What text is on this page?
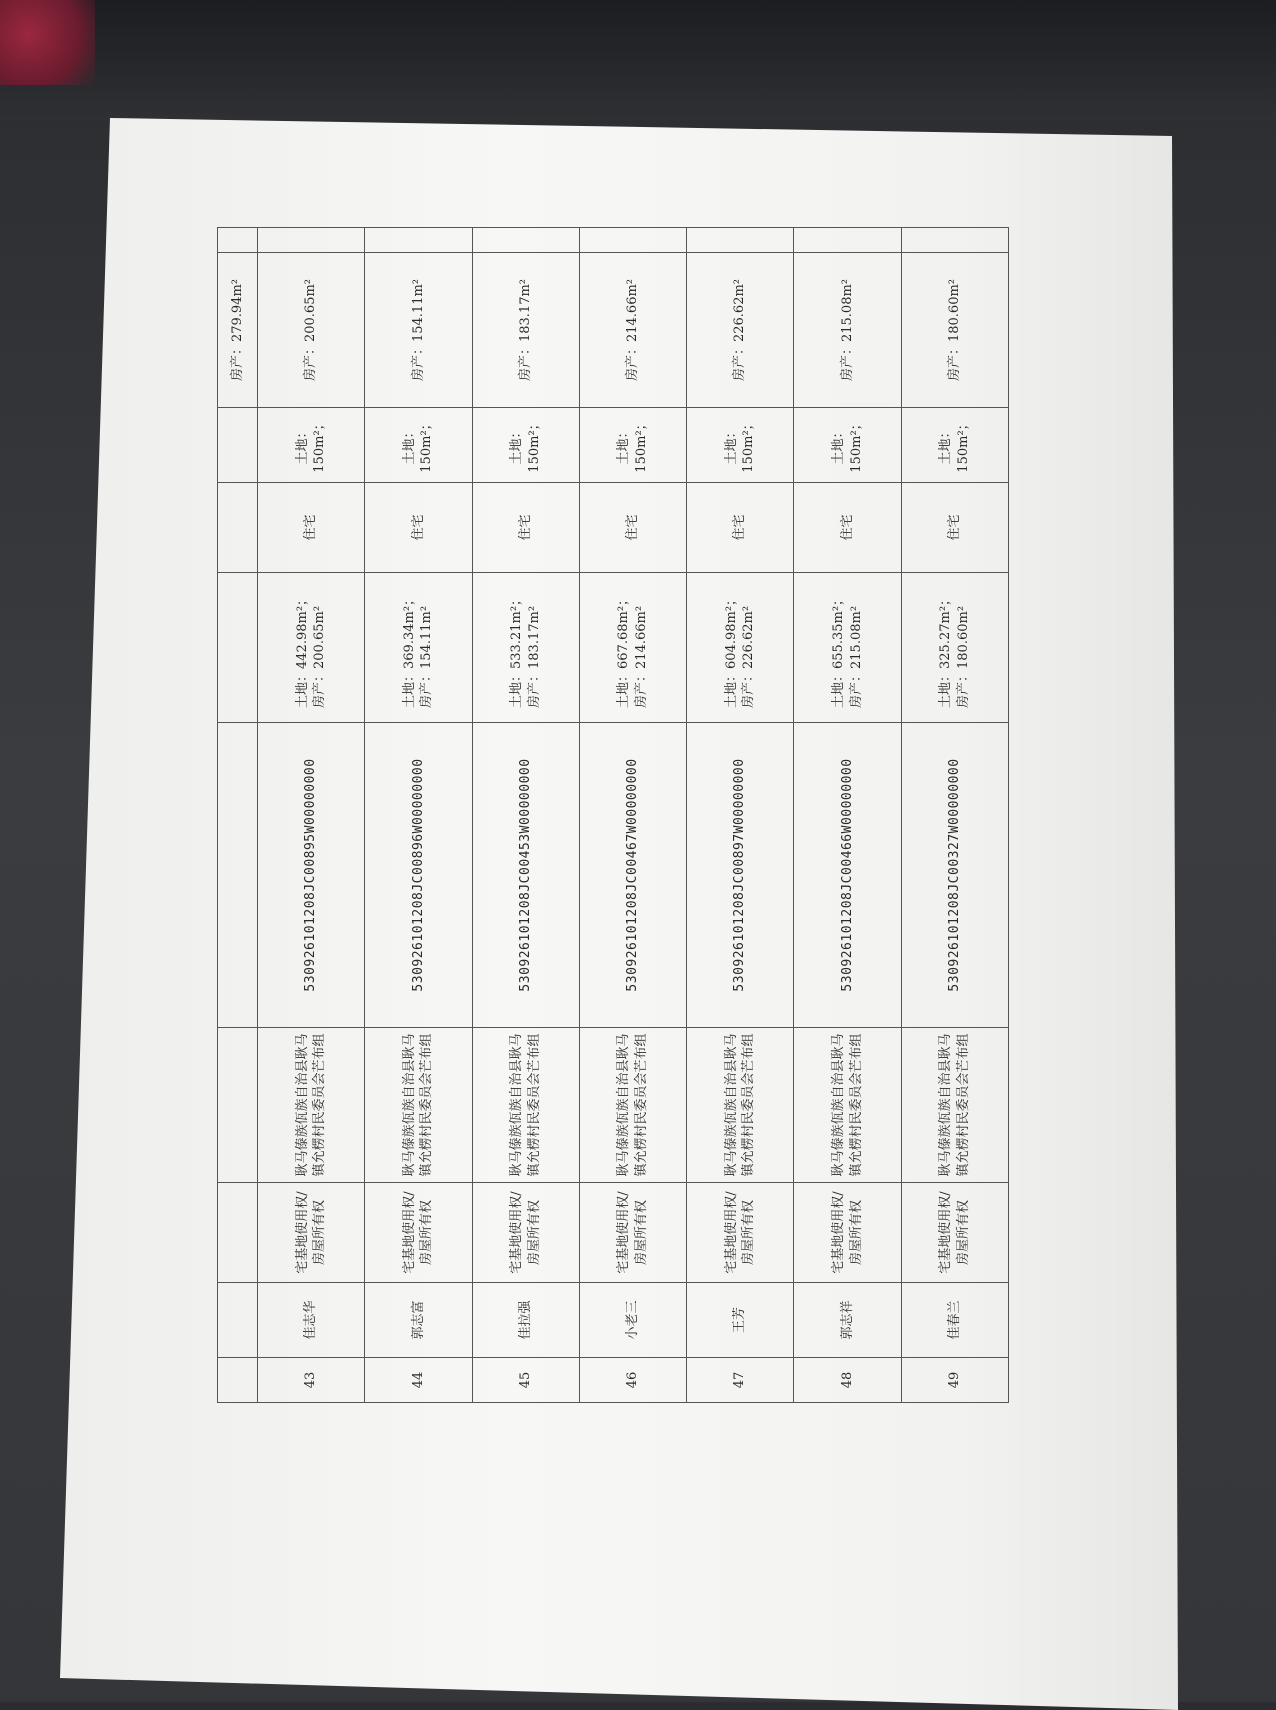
								房产：279.94m²	
43	佳志华	宅基地使用权/房屋所有权	耿马傣族佤族自治县耿马镇允楞村民委员会芒布组	530926101208JC00895W00000000	土地：442.98m²； 房产：200.65m²	住宅	土地：150m²；	房产：200.65m²	
44	郭志富	宅基地使用权/房屋所有权	耿马傣族佤族自治县耿马镇允楞村民委员会芒布组	530926101208JC00896W00000000	土地：369.34m²； 房产：154.11m²	住宅	土地：150m²；	房产：154.11m²	
45	佳拉强	宅基地使用权/房屋所有权	耿马傣族佤族自治县耿马镇允楞村民委员会芒布组	530926101208JC00453W00000000	土地：533.21m²； 房产：183.17m²	住宅	土地：150m²；	房产：183.17m²	
46	小老三	宅基地使用权/房屋所有权	耿马傣族佤族自治县耿马镇允楞村民委员会芒布组	530926101208JC00467W00000000	土地：667.68m²； 房产：214.66m²	住宅	土地：150m²；	房产：214.66m²	
47	王芳	宅基地使用权/房屋所有权	耿马傣族佤族自治县耿马镇允楞村民委员会芒布组	530926101208JC00897W00000000	土地：604.98m²； 房产：226.62m²	住宅	土地：150m²；	房产：226.62m²	
48	郭志祥	宅基地使用权/房屋所有权	耿马傣族佤族自治县耿马镇允楞村民委员会芒布组	530926101208JC00466W00000000	土地：655.35m²； 房产：215.08m²	住宅	土地：150m²；	房产：215.08m²	
49	佳春兰	宅基地使用权/房屋所有权	耿马傣族佤族自治县耿马镇允楞村民委员会芒布组	530926101208JC00327W00000000	土地：325.27m²； 房产：180.60m²	住宅	土地：150m²；	房产：180.60m²	
